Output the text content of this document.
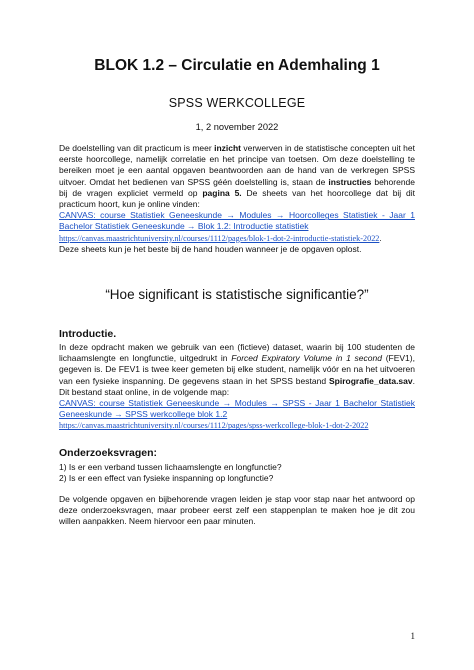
BLOK 1.2 – Circulatie en Ademhaling 1
SPSS WERKCOLLEGE
1, 2 november 2022

De doelstelling van dit practicum is meer inzicht verwerven in de statistische concepten uit het eerste hoorcollege, namelijk correlatie en het principe van toetsen. Om deze doelstelling te bereiken moet je een aantal opgaven beantwoorden aan de hand van de verkregen SPSS uitvoer. Omdat het bedienen van SPSS géén doelstelling is, staan de instructies behorende bij de vragen expliciet vermeld op pagina 5. De sheets van het hoorcollege dat bij dit practicum hoort, kun je online vinden:

CANVAS: course Statistiek Geneeskunde → Modules → Hoorcolleges Statistiek - Jaar 1 Bachelor Statistiek Geneeskunde → Blok 1.2: Introductie statistiek

https://canvas.maastrichtuniversity.nl/courses/1112/pages/blok-1-dot-2-introductie-statistiek-2022.

Deze sheets kun je het beste bij de hand houden wanneer je de opgaven oplost.

“Hoe significant is statistische significantie?”
Introductie.

In deze opdracht maken we gebruik van een (fictieve) dataset, waarin bij 100 studenten de lichaamslengte en longfunctie, uitgedrukt in Forced Expiratory Volume in 1 second (FEV1), gegeven is. De FEV1 is twee keer gemeten bij elke student, namelijk vóór en na het uitvoeren van een fysieke inspanning. De gegevens staan in het SPSS bestand Spirografie_data.sav. Dit bestand staat online, in de volgende map:

CANVAS: course Statistiek Geneeskunde → Modules → SPSS - Jaar 1 Bachelor Statistiek Geneeskunde → SPSS werkcollege blok 1.2

https://canvas.maastrichtuniversity.nl/courses/1112/pages/spss-werkcollege-blok-1-dot-2-2022

Onderzoeksvragen:

1) Is er een verband tussen lichaamslengte en longfunctie?

2) Is er een effect van fysieke inspanning op longfunctie?

De volgende opgaven en bijbehorende vragen leiden je stap voor stap naar het antwoord op deze onderzoeksvragen, maar probeer eerst zelf een stappenplan te maken hoe je dit zou willen aanpakken. Neem hiervoor een paar minuten.

1
